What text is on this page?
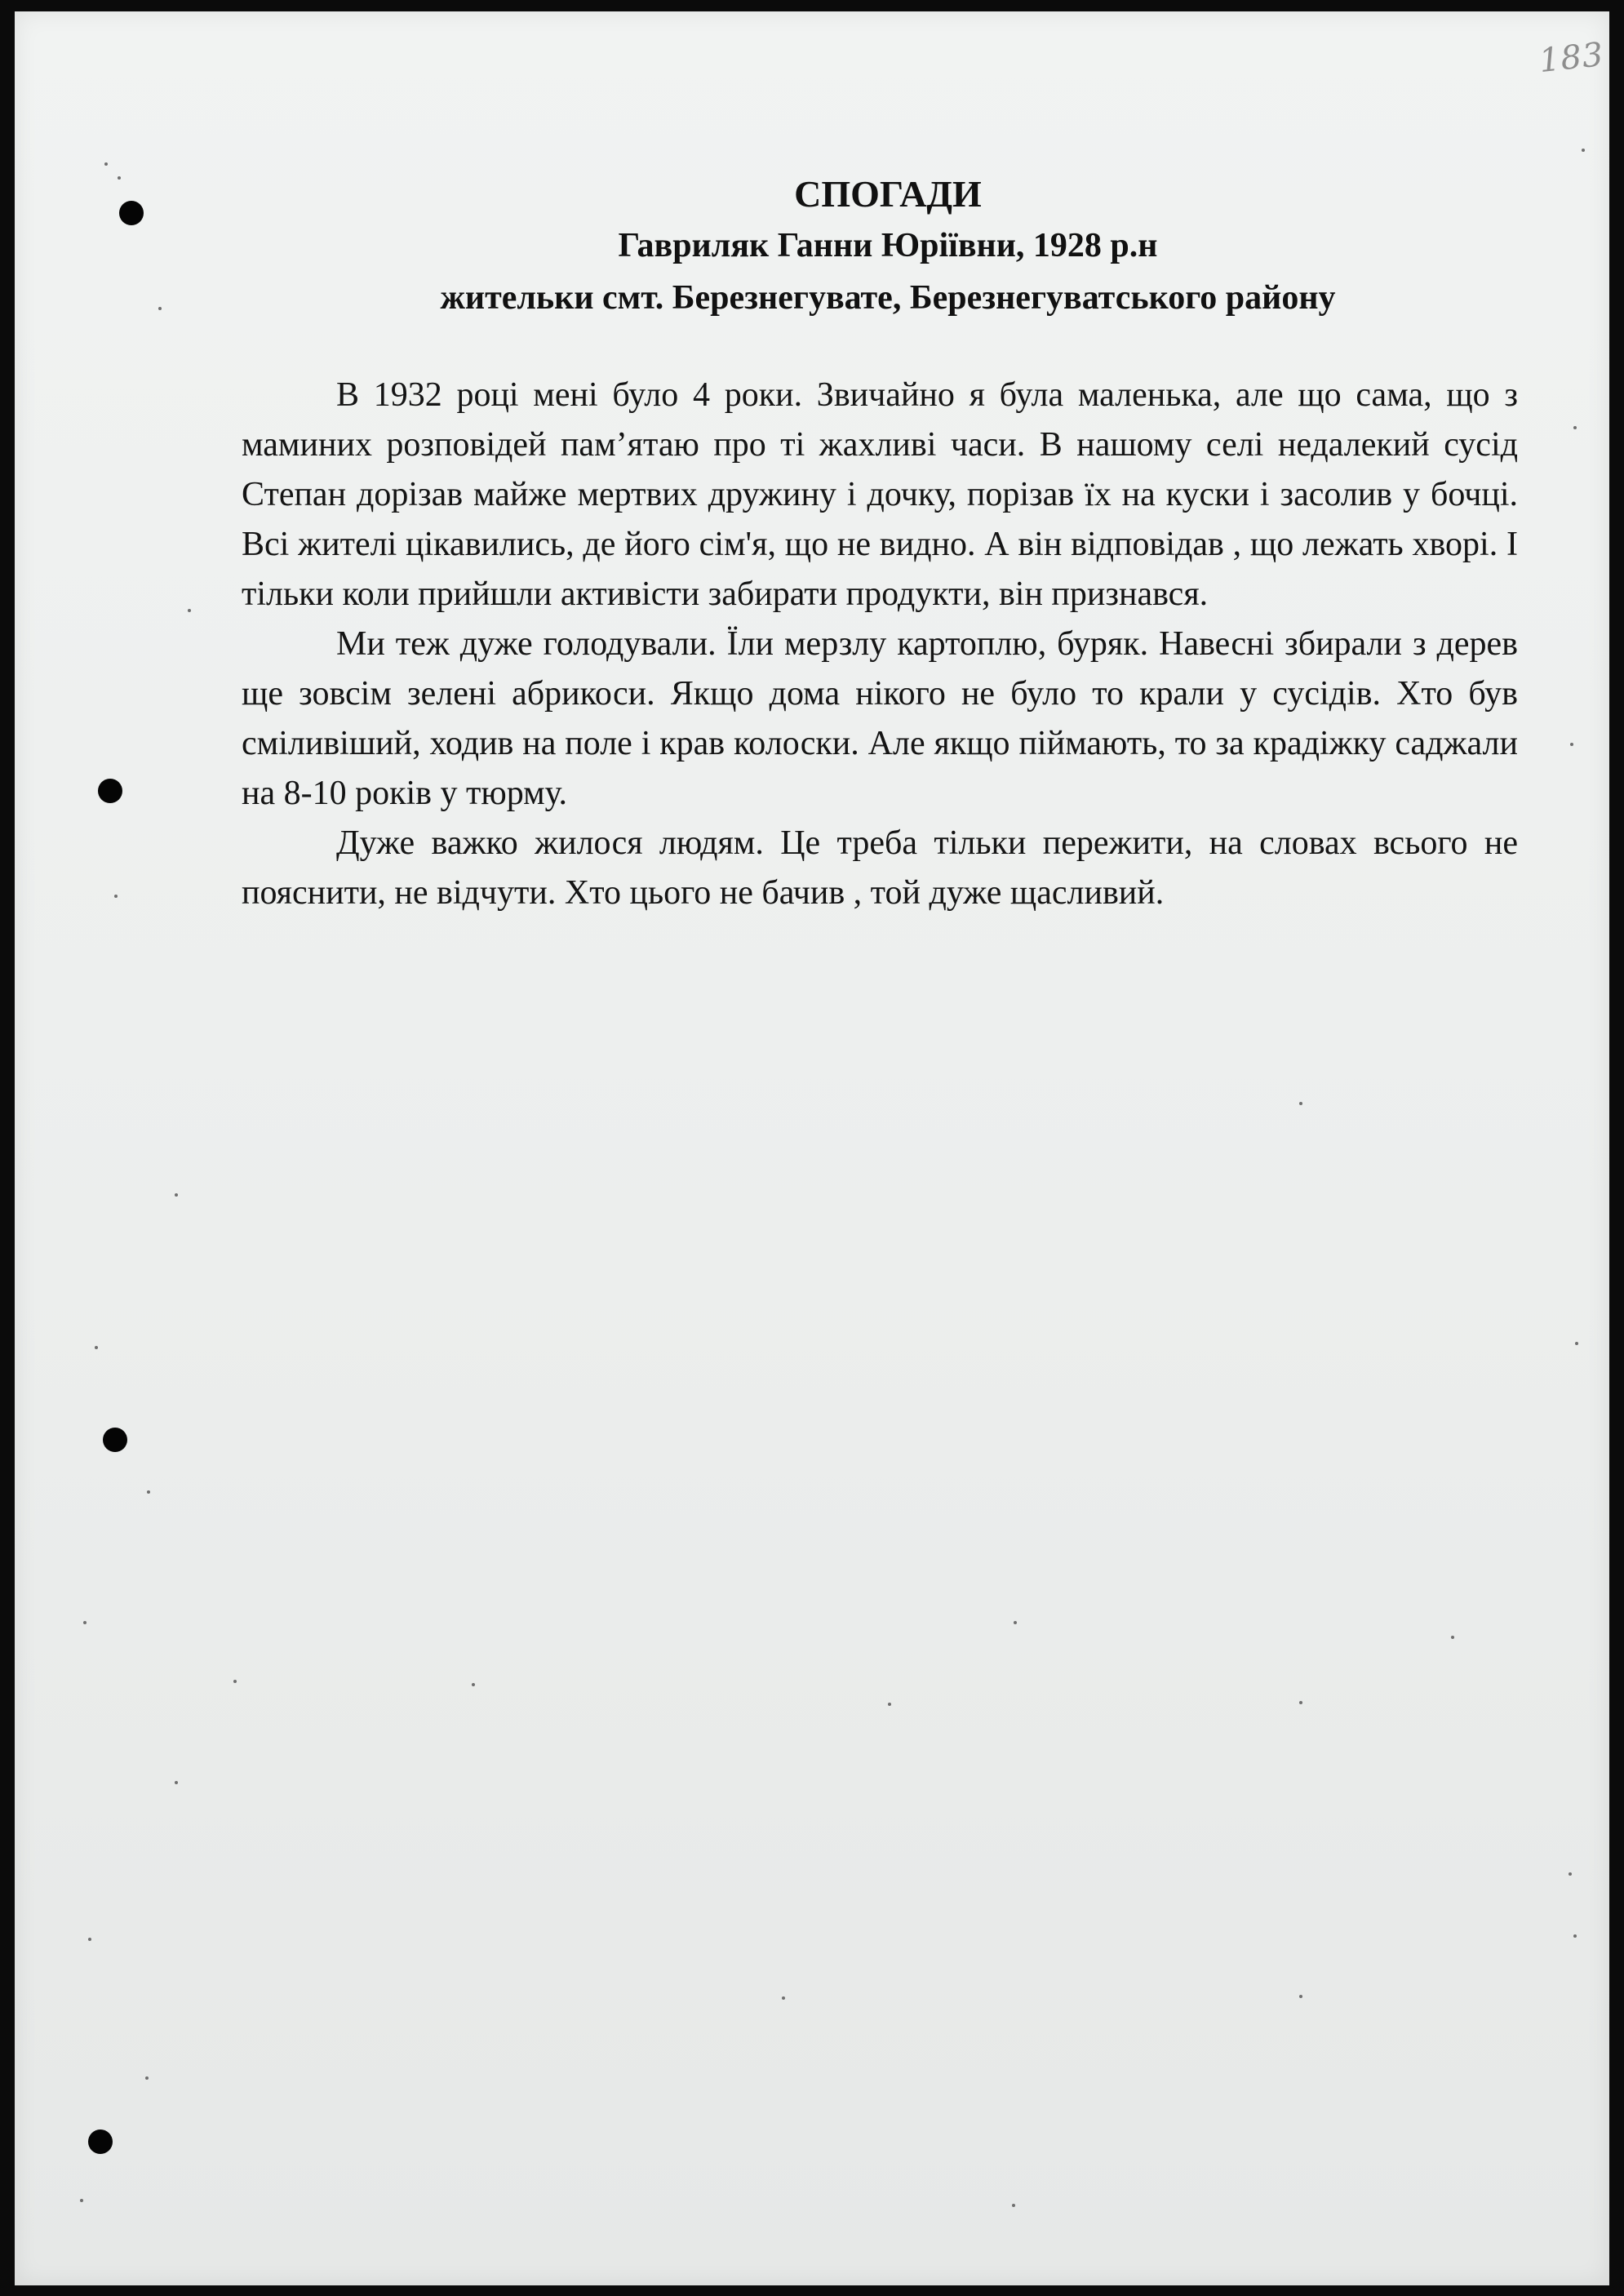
183
СПОГАДИ
Гавриляк Ганни Юріївни, 1928 р.н
жительки смт. Березнегувате, Березнегуватського району

В 1932 році мені було 4 роки. Звичайно я була маленька, але що сама, що з маминих розповідей пам’ятаю про ті жахливі часи. В нашому селі недалекий сусід Степан дорізав майже мертвих дружину і дочку, порізав їх на куски і засолив у бочці. Всі жителі цікавились, де його сім'я, що не видно. А він відповідав , що лежать хворі. І тільки коли прийшли активісти забирати продукти, він признався.

Ми теж дуже голодували. Їли мерзлу картоплю, буряк. Навесні збирали з дерев ще зовсім зелені абрикоси. Якщо дома нікого не було то крали у сусідів. Хто був сміливіший, ходив на поле і крав колоски. Але якщо піймають, то за крадіжку саджали на 8-10 років у тюрму.

Дуже важко жилося людям. Це треба тільки пережити, на словах всього не пояснити, не відчути. Хто цього не бачив , той дуже щасливий.
